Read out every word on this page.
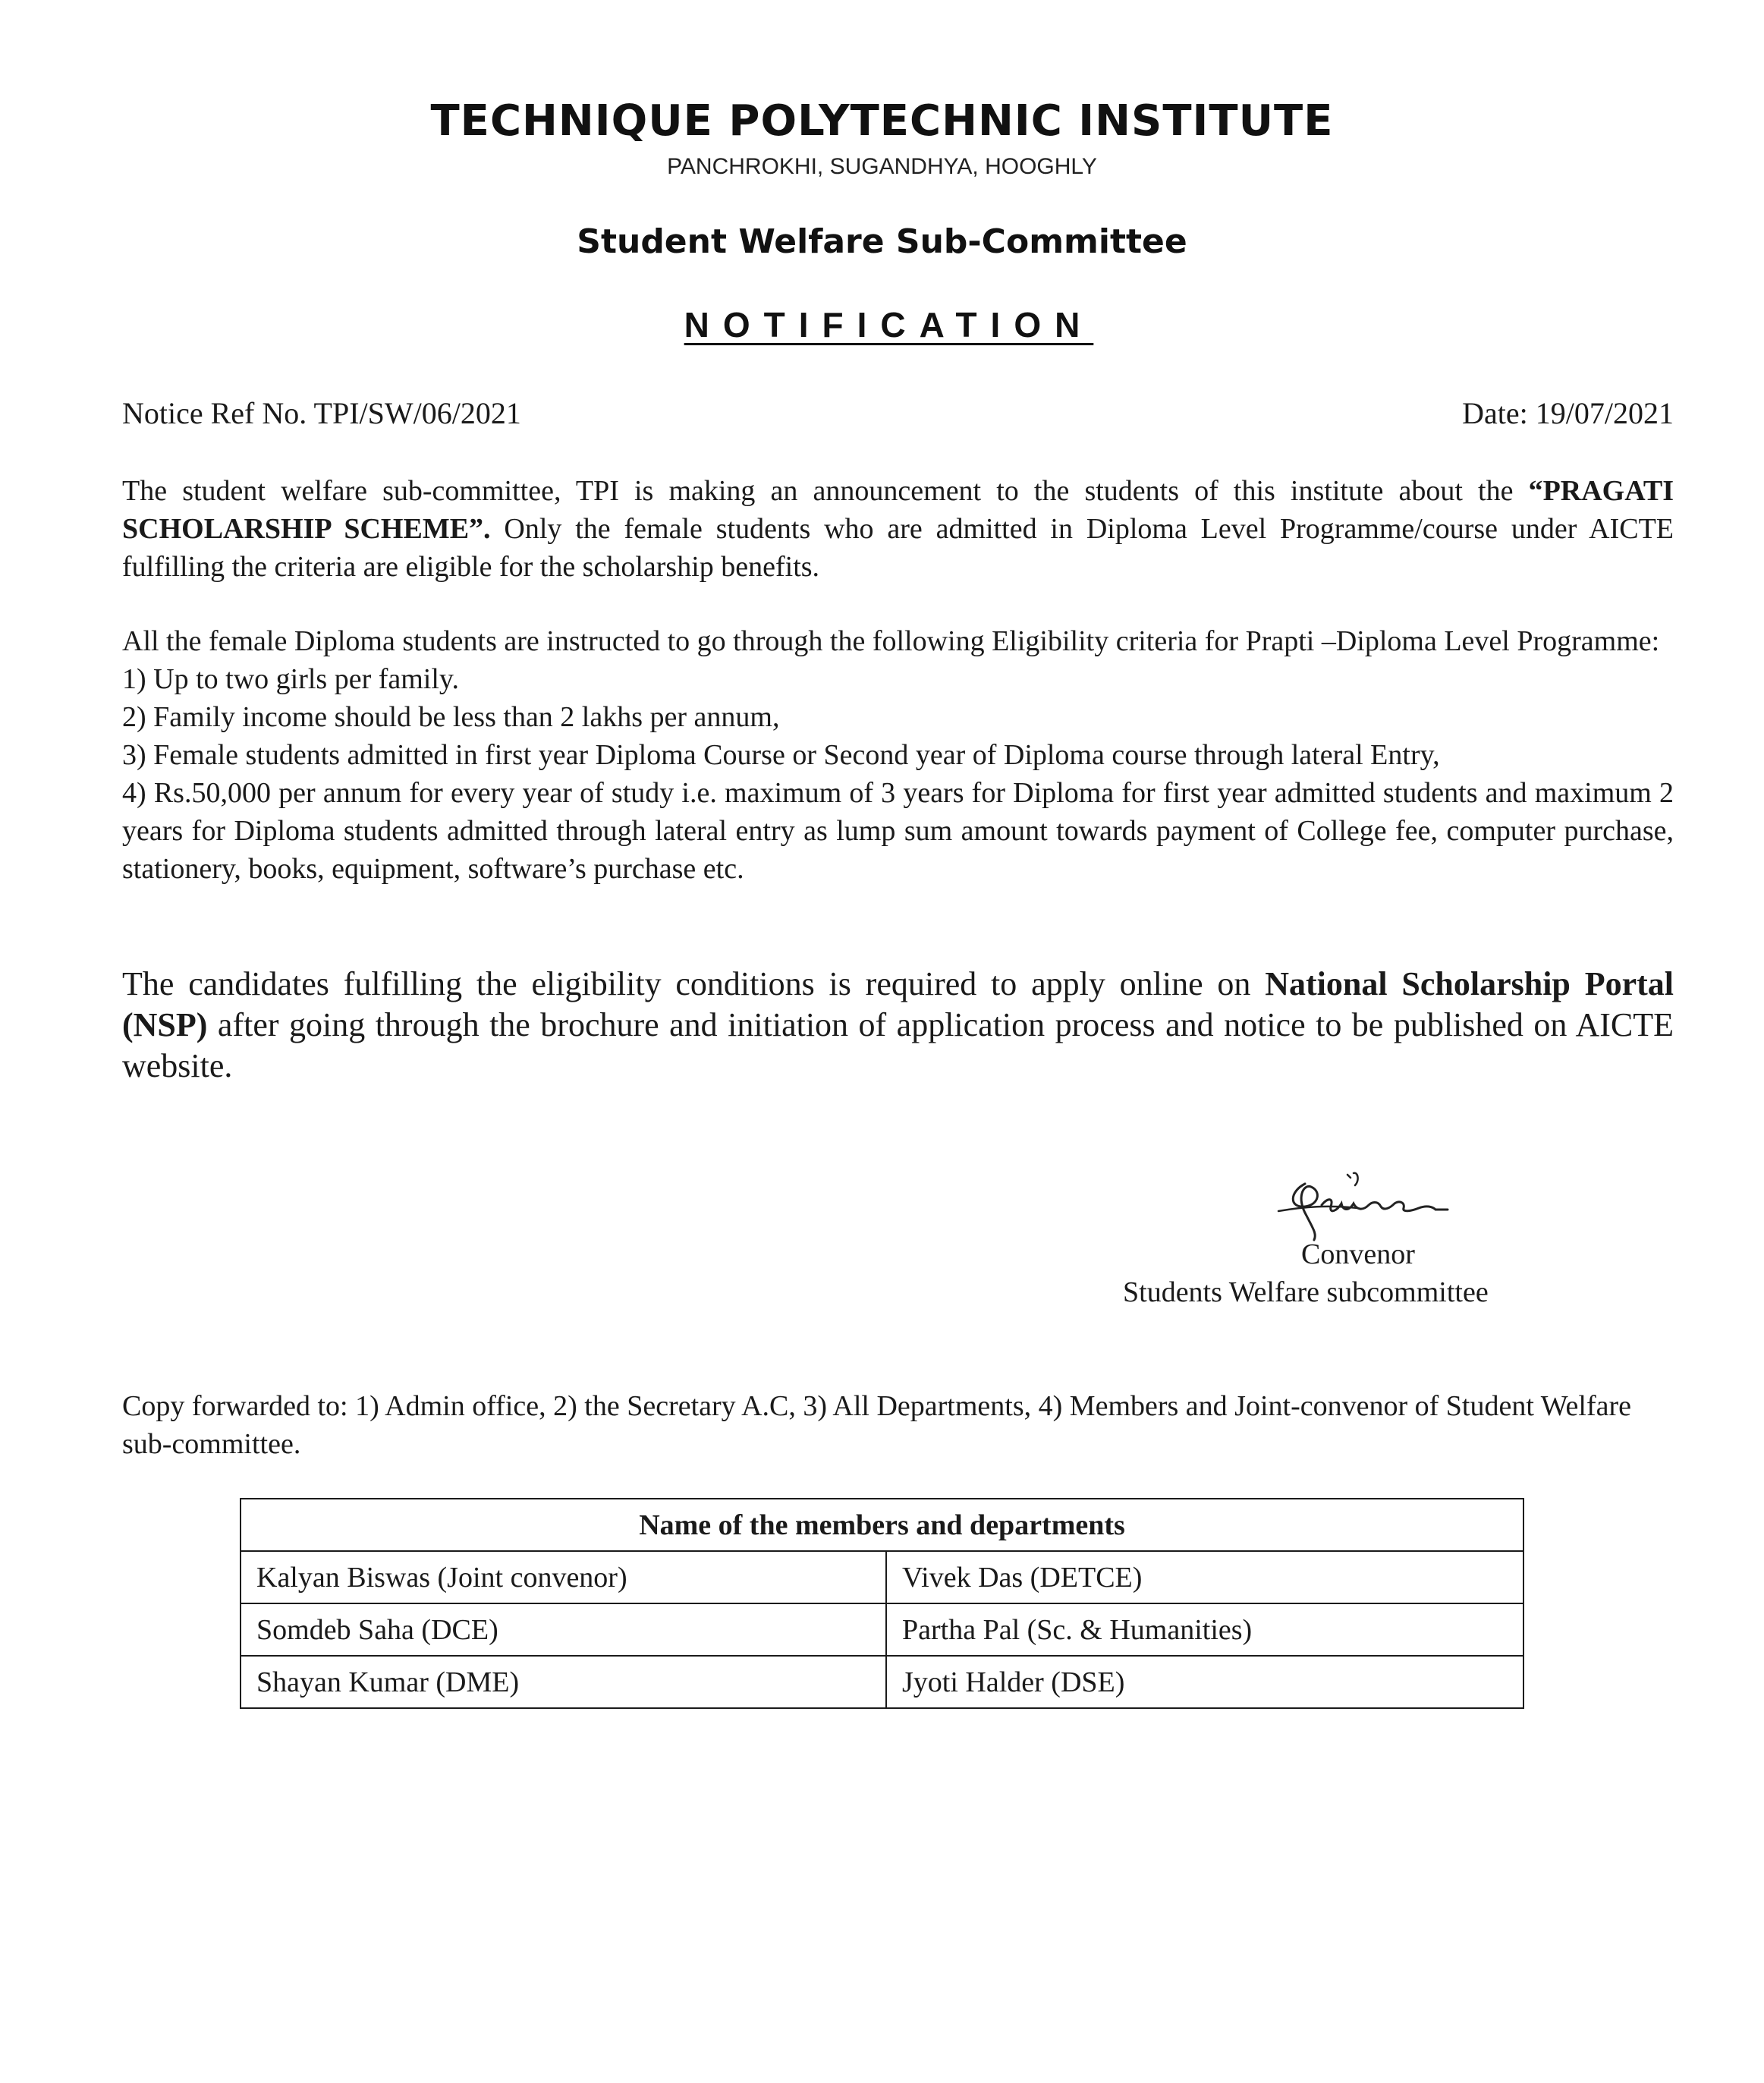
TECHNIQUE POLYTECHNIC INSTITUTE
PANCHROKHI, SUGANDHYA, HOOGHLY
Student Welfare Sub-Committee
NOTIFICATION
Notice Ref No. TPI/SW/06/2021	Date: 19/07/2021

The student welfare sub-committee, TPI is making an announcement to the students of this institute about the “PRAGATI SCHOLARSHIP SCHEME”. Only the female students who are admitted in Diploma Level Programme/course under AICTE fulfilling the criteria are eligible for the scholarship benefits.

All the female Diploma students are instructed to go through the following Eligibility criteria for Prapti –Diploma Level Programme:

1) Up to two girls per family.

2) Family income should be less than 2 lakhs per annum,

3) Female students admitted in first year Diploma Course or Second year of Diploma course through lateral Entry,

4) Rs.50,000 per annum for every year of study i.e. maximum of 3 years for Diploma for first year admitted students and maximum 2 years for Diploma students admitted through lateral entry as lump sum amount towards payment of College fee, computer purchase, stationery, books, equipment, software’s purchase etc.

The candidates fulfilling the eligibility conditions is required to apply online on National Scholarship Portal (NSP) after going through the brochure and initiation of application process and notice to be published on AICTE website.

Convenor
Students Welfare subcommittee
Copy forwarded to: 1) Admin office, 2) the Secretary A.C, 3) All Departments, 4) Members and Joint-convenor of Student Welfare sub-committee.
Name of the members and departments	
Kalyan Biswas (Joint convenor)	Vivek Das (DETCE)
Somdeb Saha (DCE)	Partha Pal (Sc. & Humanities)
Shayan Kumar (DME)	Jyoti Halder (DSE)
